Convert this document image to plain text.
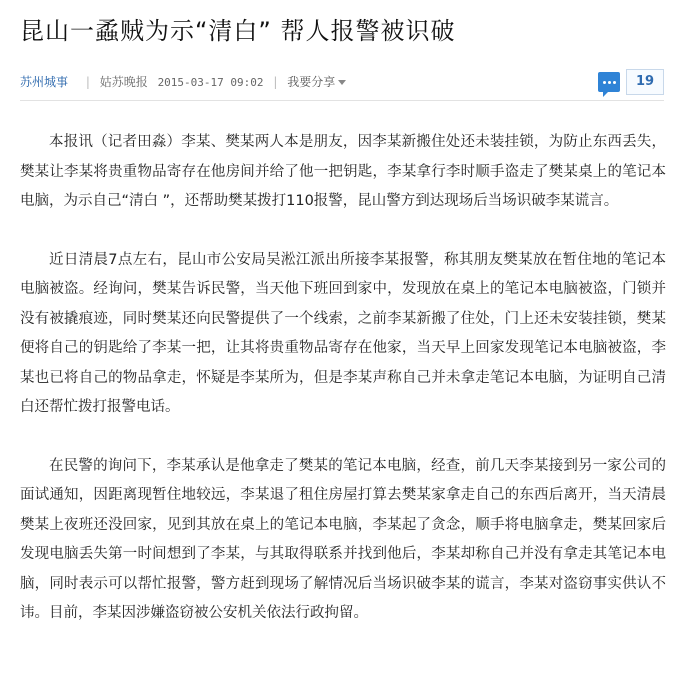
昆山一蟊贼为示“清白” 帮人报警被识破
苏州城事 | 姑苏晚报 2015-03-17 09:02 | 我要分享	19

本报讯（记者田淼）李某、樊某两人本是朋友，因李某新搬住处还未装挂锁，为防止东西丢失，樊某让李某将贵重物品寄存在他房间并给了他一把钥匙，李某拿行李时顺手盗走了樊某桌上的笔记本电脑，为示自己“清白 ”，还帮助樊某拨打110报警，昆山警方到达现场后当场识破李某谎言。

近日清晨7点左右，昆山市公安局吴淞江派出所接李某报警，称其朋友樊某放在暂住地的笔记本电脑被盗。经询问，樊某告诉民警，当天他下班回到家中，发现放在桌上的笔记本电脑被盗，门锁并没有被撬痕迹，同时樊某还向民警提供了一个线索，之前李某新搬了住处，门上还未安装挂锁，樊某便将自己的钥匙给了李某一把，让其将贵重物品寄存在他家，当天早上回家发现笔记本电脑被盗，李某也已将自己的物品拿走，怀疑是李某所为，但是李某声称自己并未拿走笔记本电脑，为证明自己清白还帮忙拨打报警电话。

在民警的询问下，李某承认是他拿走了樊某的笔记本电脑，经查，前几天李某接到另一家公司的面试通知，因距离现暂住地较远，李某退了租住房屋打算去樊某家拿走自己的东西后离开，当天清晨樊某上夜班还没回家，见到其放在桌上的笔记本电脑，李某起了贪念，顺手将电脑拿走，樊某回家后发现电脑丢失第一时间想到了李某，与其取得联系并找到他后，李某却称自己并没有拿走其笔记本电脑，同时表示可以帮忙报警，警方赶到现场了解情况后当场识破李某的谎言，李某对盗窃事实供认不讳。目前，李某因涉嫌盗窃被公安机关依法行政拘留。
